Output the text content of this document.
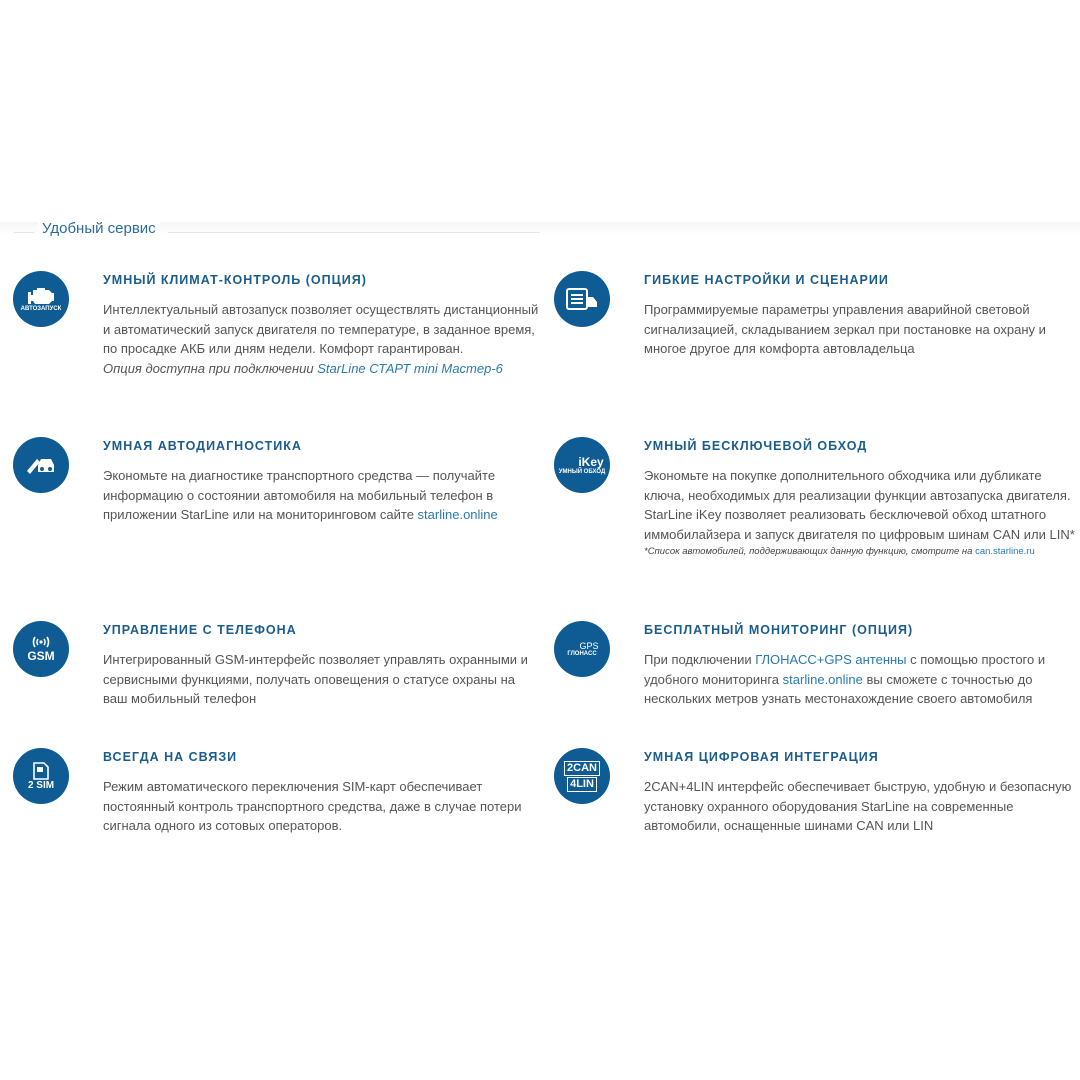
Удобный сервис
АВТОЗАПУСК
УМНЫЙ КЛИМАТ-КОНТРОЛЬ (ОПЦИЯ)
Интеллектуальный автозапуск позволяет осуществлять дистанционный и автоматический запуск двигателя по температуре, в заданное время, по просадке АКБ или дням недели. Комфорт гарантирован.
Опция доступна при подключении StarLine СТАРТ mini Мастер-6
ГИБКИЕ НАСТРОЙКИ И СЦЕНАРИИ
Программируемые параметры управления аварийной световой сигнализацией, складыванием зеркал при постановке на охрану и многое другое для комфорта автовладельца
УМНАЯ АВТОДИАГНОСТИКА
Экономьте на диагностике транспортного средства — получайте информацию о состоянии автомобиля на мобильный телефон в приложении StarLine или на мониторинговом сайте starline.online
iKey
УМНЫЙ ОБХОД
УМНЫЙ БЕСКЛЮЧЕВОЙ ОБХОД
Экономьте на покупке дополнительного обходчика или дубликате ключа, необходимых для реализации функции автозапуска двигателя. StarLine iKey позволяет реализовать бесключевой обход штатного иммобилайзера и запуск двигателя по цифровым шинам CAN или LIN*
*Список автомобилей, поддерживающих данную функцию, смотрите на can.starline.ru
GSM
УПРАВЛЕНИЕ С ТЕЛЕФОНА
Интегрированный GSM-интерфейс позволяет управлять охранными и сервисными функциями, получать оповещения о статусе охраны на ваш мобильный телефон
GPS
ГЛОНАСС
БЕСПЛАТНЫЙ МОНИТОРИНГ (ОПЦИЯ)
При подключении ГЛОНАСС+GPS антенны с помощью простого и удобного мониторинга starline.online вы сможете с точностью до нескольких метров узнать местонахождение своего автомобиля
2 SIM
ВСЕГДА НА СВЯЗИ
Режим автоматического переключения SIM-карт обеспечивает постоянный контроль транспортного средства, даже в случае потери сигнала одного из сотовых операторов.
2CAN
4LIN
УМНАЯ ЦИФРОВАЯ ИНТЕГРАЦИЯ
2CAN+4LIN интерфейс обеспечивает быструю, удобную и безопасную установку охранного оборудования StarLine на современные автомобили, оснащенные шинами CAN или LIN
